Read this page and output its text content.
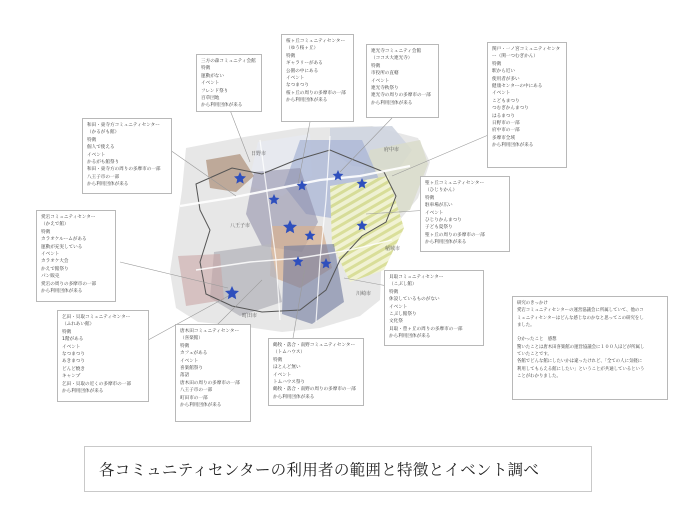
日野市
府中市
八王子市
稲城市
川崎市
町田市
三方の森コミュニティ会館
特徴
運動がない
イベント
フレンド祭り
百草団地
から利用団体が来る
桜ヶ丘コミュニティセンター
（ゆう桜ヶ丘）
特徴
ギャラリーがある
公園の中にある
イベント
なつまつり
桜ヶ丘の周りの多摩市の一部
から利用団体が来る
連光寺コミュニティ会館
（ココス大連光寺）
特徴
市役所の直轄
イベント
連光寺秋祭り
連光寺の周りの多摩市の一部
から利用団体が来る
関戸・一ノ宮コミュニティセンタ
ー（関一つむぎかん）
特徴
駅から近い
使用者が多い
健康センターの中にある
イベント
こどもまつり
つむぎかんまつり
はるまつり
日野市の一部
府中市の一部
多摩市全域
から利用団体が来る
和田・東寺方コミュニティセンター
（かるがも館）
特徴
個人で使える
イベント
かるがも館祭り
和田・東寺方の周りの多摩市の一部
八王子市の一部
から利用団体が来る
愛宕コミュニティセンター
（かえで館）
特徴
カラオケルームがある
運動が充実している
イベント
カラオケ大会
かえで館祭り
パン販売
愛宕の周りの多摩市の一部
から利用団体が来る
聖ヶ丘コミュニティセンター
（ひじりかん）
特徴
駐車場が広い
イベント
ひじりかんまつり
子ども夏祭り
聖ヶ丘の周りの多摩市の一部
から利用団体が来る
貝取コミュニティセンター
（こぶし館）
特徴
休設しているものがない
イベント
こぶし館祭り
文化祭
貝取・豊ヶ丘の周りの多摩市の一部
から利用団体が来る
乞田・貝取コミュニティセンター
（ふれあい館）
特徴
1階がある
イベント
なつまつり
あきまつり
どんど焼き
キャンプ
乞田・貝取の近くの多摩市の一部
から利用団体が来る
唐木田コミュニティセンター
（喜楽館）
特徴
カフェがある
イベント
喜楽館祭り
落語
唐木田の周りの多摩市の一部
八王子市の一部
町田市の一部
から利用団体が来る
鶴牧・落合・南野コミュニティセンター
（トムハウス）
特徴
ほとんど無い
イベント
トムハウス祭り
鶴牧・落合・南野の周りの多摩市の一部
から利用団体が来る
研究のきっかけ
愛宕コミュニティセンターの運営協議会に所属していて、他のコ
ミュニティセンターはどんな感じなのかなと思ってこの研究をし
ました。

分かったこと　感想
驚いたことは唐木田喜楽館の運営協議会に１００人ほどが所属し
ていたことです。
各館でどんな館にしたいかは違ったけれど、「全ての人に気軽に
利用してもらえる館にしたい」ということが共通しているという
ことがわかりました。
各コミュニティセンターの利用者の範囲と特徴とイベント調べ
